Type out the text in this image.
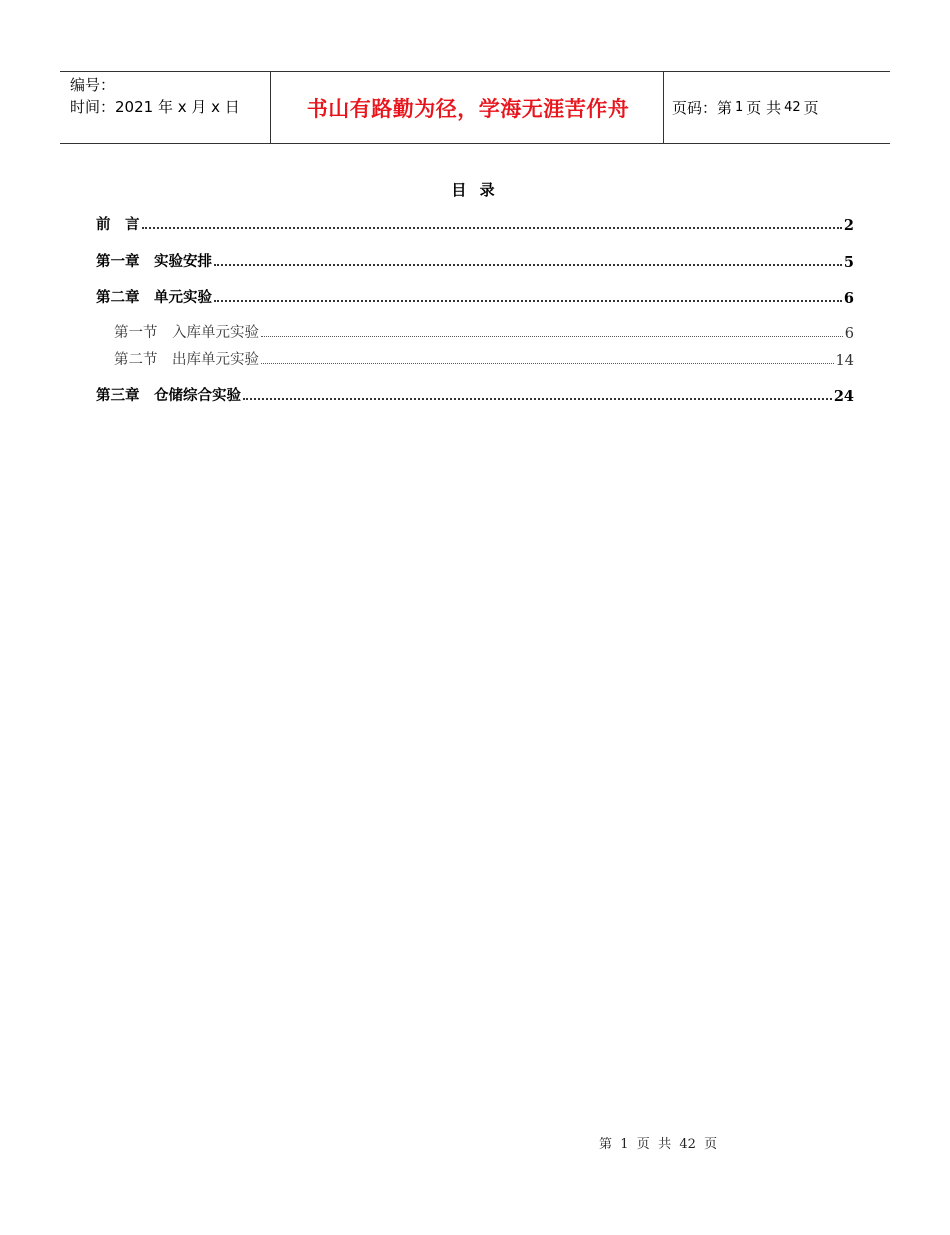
编号：
时间：2021 年 x 月 x 日	书山有路勤为径，学海无涯苦作舟	页码：第 1 页 共 42 页
目 录
前　言	2
第一章　实验安排	5
第二章　单元实验	6
第一节　入库单元实验	6
第二节　出库单元实验	14
第三章　仓储综合实验	24
第  1  页  共  42  页
